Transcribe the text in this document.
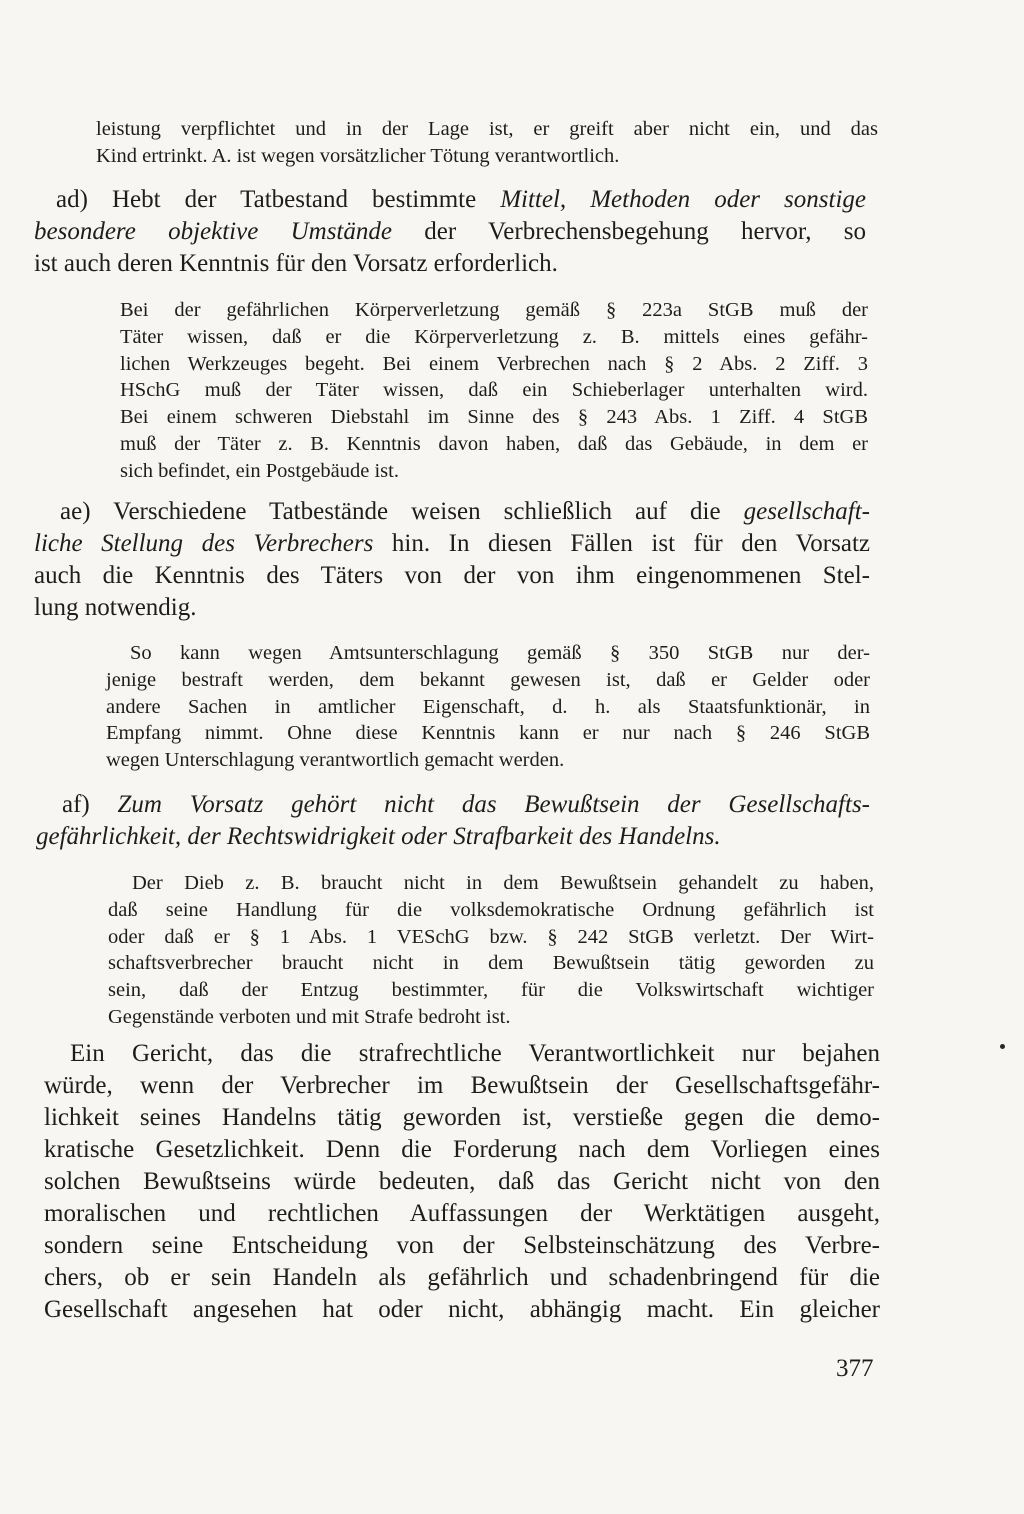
leistung verpflichtet und in der Lage ist, er greift aber nicht ein, und das
Kind ertrinkt. A. ist wegen vorsätzlicher Tötung verantwortlich.
ad) Hebt der Tatbestand bestimmte Mittel, Methoden oder sonstige
besondere objektive Umstände der Verbrechensbegehung hervor, so
ist auch deren Kenntnis für den Vorsatz erforderlich.
Bei der gefährlichen Körperverletzung gemäß § 223a StGB muß der
Täter wissen, daß er die Körperverletzung z. B. mittels eines gefähr-
lichen Werkzeuges begeht. Bei einem Verbrechen nach § 2 Abs. 2 Ziff. 3
HSchG muß der Täter wissen, daß ein Schieberlager unterhalten wird.
Bei einem schweren Diebstahl im Sinne des § 243 Abs. 1 Ziff. 4 StGB
muß der Täter z. B. Kenntnis davon haben, daß das Gebäude, in dem er
sich befindet, ein Postgebäude ist.
ae) Verschiedene Tatbestände weisen schließlich auf die gesellschaft-
liche Stellung des Verbrechers hin. In diesen Fällen ist für den Vorsatz
auch die Kenntnis des Täters von der von ihm eingenommenen Stel-
lung notwendig.
So kann wegen Amtsunterschlagung gemäß § 350 StGB nur der-
jenige bestraft werden, dem bekannt gewesen ist, daß er Gelder oder
andere Sachen in amtlicher Eigenschaft, d. h. als Staatsfunktionär, in
Empfang nimmt. Ohne diese Kenntnis kann er nur nach § 246 StGB
wegen Unterschlagung verantwortlich gemacht werden.
af) Zum Vorsatz gehört nicht das Bewußtsein der Gesellschafts-
gefährlichkeit, der Rechtswidrigkeit oder Strafbarkeit des Handelns.
Der Dieb z. B. braucht nicht in dem Bewußtsein gehandelt zu haben,
daß seine Handlung für die volksdemokratische Ordnung gefährlich ist
oder daß er § 1 Abs. 1 VESchG bzw. § 242 StGB verletzt. Der Wirt-
schaftsverbrecher braucht nicht in dem Bewußtsein tätig geworden zu
sein, daß der Entzug bestimmter, für die Volkswirtschaft wichtiger
Gegenstände verboten und mit Strafe bedroht ist.
Ein Gericht, das die strafrechtliche Verantwortlichkeit nur bejahen
würde, wenn der Verbrecher im Bewußtsein der Gesellschaftsgefähr-
lichkeit seines Handelns tätig geworden ist, verstieße gegen die demo-
kratische Gesetzlichkeit. Denn die Forderung nach dem Vorliegen eines
solchen Bewußtseins würde bedeuten, daß das Gericht nicht von den
moralischen und rechtlichen Auffassungen der Werktätigen ausgeht,
sondern seine Entscheidung von der Selbsteinschätzung des Verbre-
chers, ob er sein Handeln als gefährlich und schadenbringend für die
Gesellschaft angesehen hat oder nicht, abhängig macht. Ein gleicher
377
